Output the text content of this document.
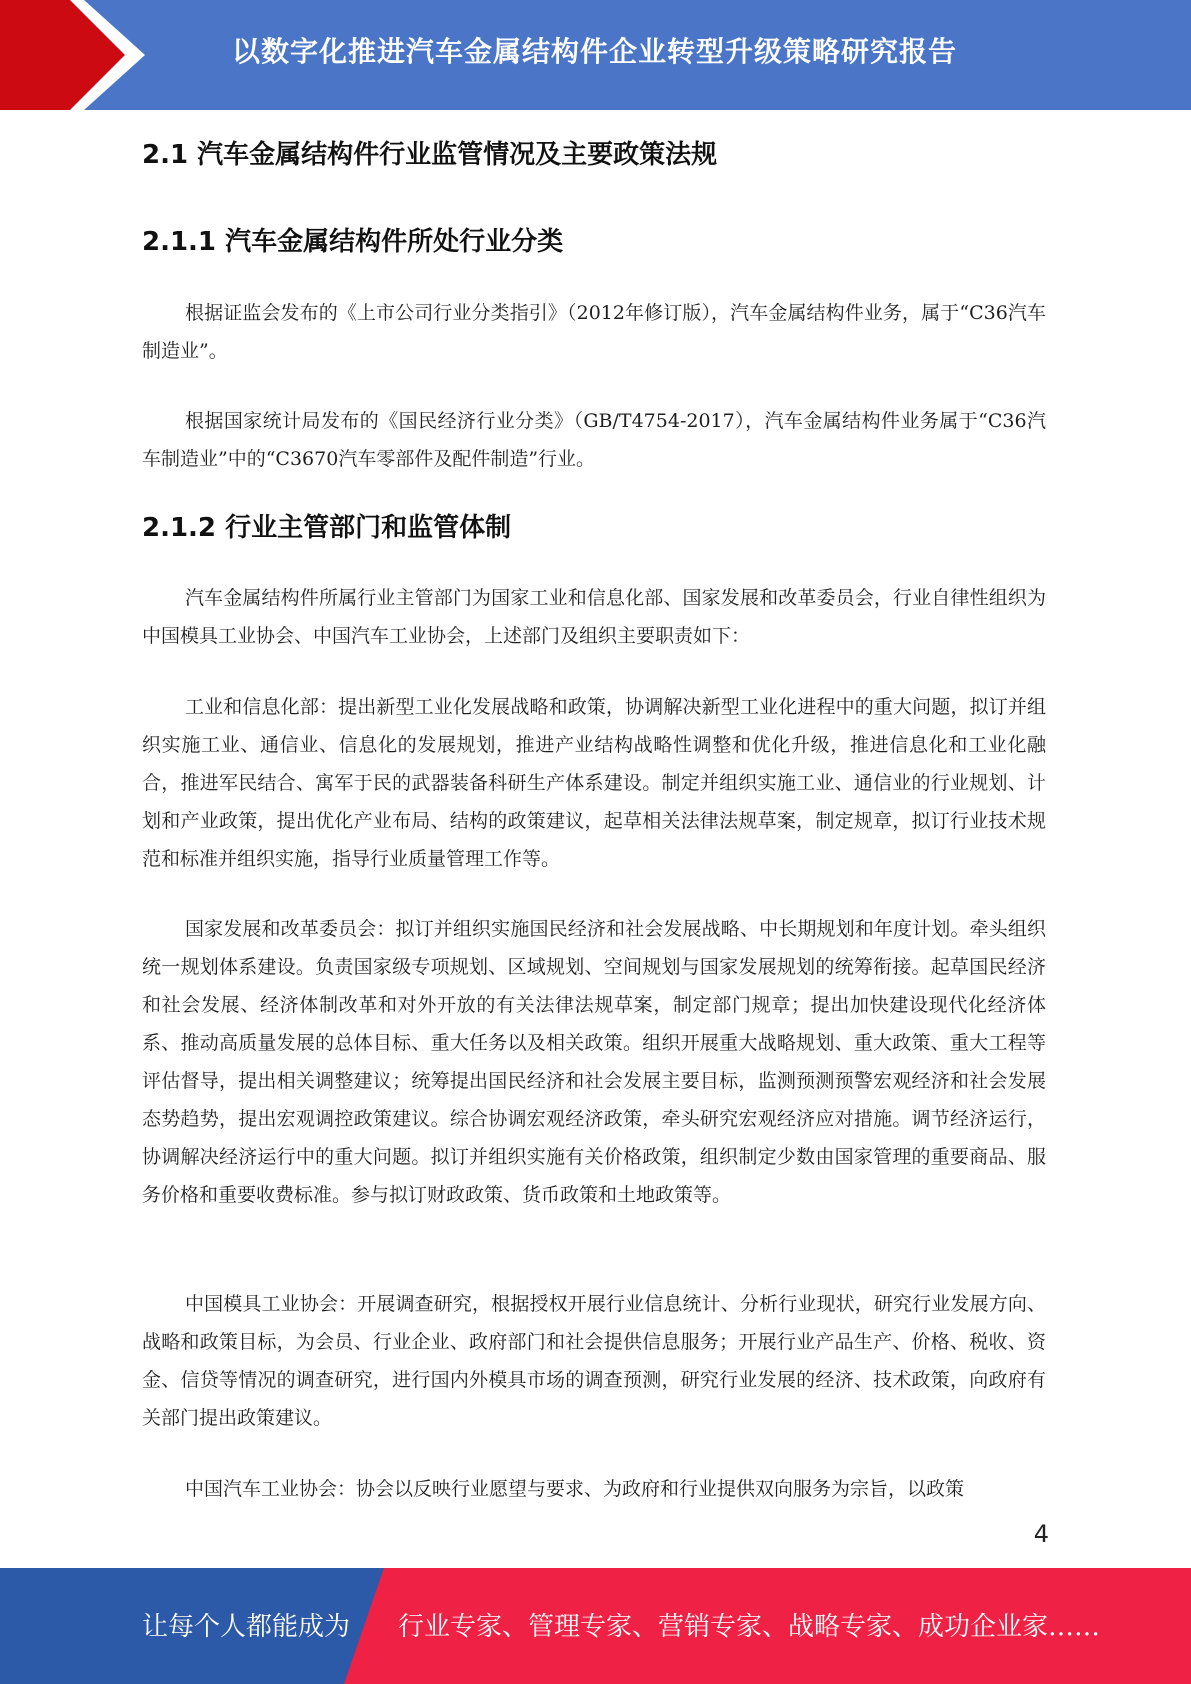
以数字化推进汽车金属结构件企业转型升级策略研究报告
2.1 汽车金属结构件行业监管情况及主要政策法规
2.1.1 汽车金属结构件所处行业分类

根据证监会发布的《上市公司行业分类指引》（2012年修订版），汽车金属结构件业务，属于“C36汽车制造业”。

根据国家统计局发布的《国民经济行业分类》（GB/T4754-2017），汽车金属结构件业务属于“C36汽车制造业”中的“C3670汽车零部件及配件制造”行业。

2.1.2 行业主管部门和监管体制

汽车金属结构件所属行业主管部门为国家工业和信息化部、国家发展和改革委员会，行业自律性组织为中国模具工业协会、中国汽车工业协会，上述部门及组织主要职责如下：

工业和信息化部：提出新型工业化发展战略和政策，协调解决新型工业化进程中的重大问题，拟订并组织实施工业、通信业、信息化的发展规划，推进产业结构战略性调整和优化升级，推进信息化和工业化融合，推进军民结合、寓军于民的武器装备科研生产体系建设。制定并组织实施工业、通信业的行业规划、计划和产业政策，提出优化产业布局、结构的政策建议，起草相关法律法规草案，制定规章，拟订行业技术规范和标准并组织实施，指导行业质量管理工作等。

国家发展和改革委员会：拟订并组织实施国民经济和社会发展战略、中长期规划和年度计划。牵头组织统一规划体系建设。负责国家级专项规划、区域规划、空间规划与国家发展规划的统筹衔接。起草国民经济和社会发展、经济体制改革和对外开放的有关法律法规草案，制定部门规章；提出加快建设现代化经济体系、推动高质量发展的总体目标、重大任务以及相关政策。组织开展重大战略规划、重大政策、重大工程等评估督导，提出相关调整建议；统筹提出国民经济和社会发展主要目标，监测预测预警宏观经济和社会发展态势趋势，提出宏观调控政策建议。综合协调宏观经济政策，牵头研究宏观经济应对措施。调节经济运行，协调解决经济运行中的重大问题。拟订并组织实施有关价格政策，组织制定少数由国家管理的重要商品、服务价格和重要收费标准。参与拟订财政政策、货币政策和土地政策等。

中国模具工业协会：开展调查研究，根据授权开展行业信息统计、分析行业现状，研究行业发展方向、战略和政策目标，为会员、行业企业、政府部门和社会提供信息服务；开展行业产品生产、价格、税收、资金、信贷等情况的调查研究，进行国内外模具市场的调查预测，研究行业发展的经济、技术政策，向政府有关部门提出政策建议。

中国汽车工业协会：协会以反映行业愿望与要求、为政府和行业提供双向服务为宗旨，以政策

4
让每个人都能成为 行业专家、管理专家、营销专家、战略专家、成功企业家……
